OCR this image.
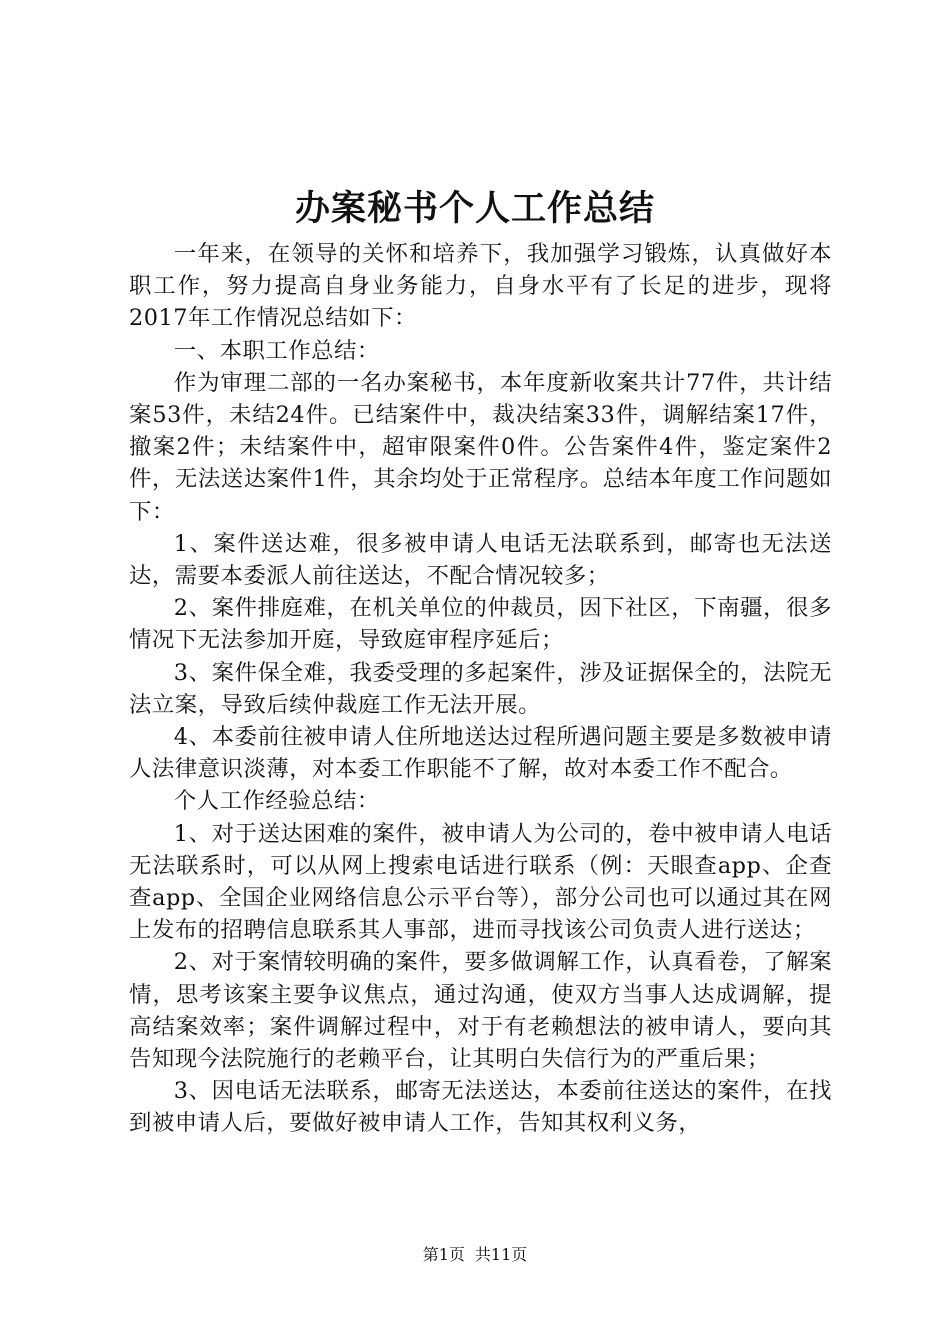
办案秘书个人工作总结

一年来，在领导的关怀和培养下，我加强学习锻炼，认真做好本职工作，努力提高自身业务能力，自身水平有了长足的进步，现将2017年工作情况总结如下：

一、本职工作总结：

作为审理二部的一名办案秘书，本年度新收案共计77件，共计结案53件，未结24件。已结案件中，裁决结案33件，调解结案17件，撤案2件；未结案件中，超审限案件0件。公告案件4件，鉴定案件2件，无法送达案件1件，其余均处于正常程序。总结本年度工作问题如下：

1、案件送达难，很多被申请人电话无法联系到，邮寄也无法送达，需要本委派人前往送达，不配合情况较多；

2、案件排庭难，在机关单位的仲裁员，因下社区，下南疆，很多情况下无法参加开庭，导致庭审程序延后；

3、案件保全难，我委受理的多起案件，涉及证据保全的，法院无法立案，导致后续仲裁庭工作无法开展。

4、本委前往被申请人住所地送达过程所遇问题主要是多数被申请人法律意识淡薄，对本委工作职能不了解，故对本委工作不配合。

个人工作经验总结：

1、对于送达困难的案件，被申请人为公司的，卷中被申请人电话无法联系时，可以从网上搜索电话进行联系（例：天眼查app、企查查app、全国企业网络信息公示平台等），部分公司也可以通过其在网上发布的招聘信息联系其人事部，进而寻找该公司负责人进行送达；

2、对于案情较明确的案件，要多做调解工作，认真看卷，了解案情，思考该案主要争议焦点，通过沟通，使双方当事人达成调解，提高结案效率；案件调解过程中，对于有老赖想法的被申请人，要向其告知现今法院施行的老赖平台，让其明白失信行为的严重后果；

3、因电话无法联系，邮寄无法送达，本委前往送达的案件，在找到被申请人后，要做好被申请人工作，告知其权利义务，

第1页 共11页
